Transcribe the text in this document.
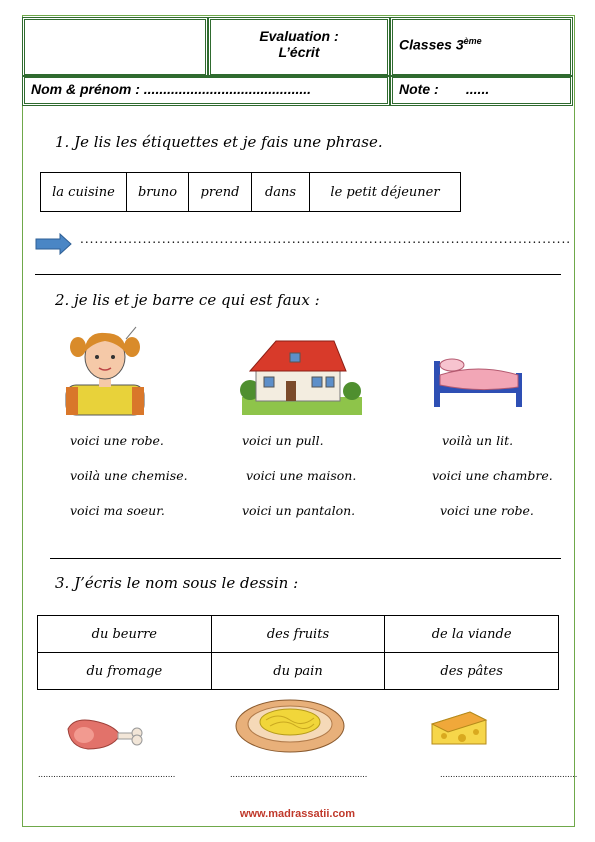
Evaluation :
L’écrit	Classes 3ème
Nom & prénom : ...........................................	Note :       ......
1. Je lis les étiquettes et je fais une phrase.
la cuisine	bruno	prend	dans	le petit déjeuner
......................................................................................................
2. je lis et je barre ce qui est faux :
voici une robe.
voilà une chemise.
voici ma soeur.
voici un pull.
voici une maison.
voici un pantalon.
voilà un lit.
voici une chambre.
voici une robe.
3. J’écris le nom sous le dessin :
du beurre	des fruits	de la viande
du fromage	du pain	des pâtes
......................................................	......................................................	......................................................
www.madrassatii.com
